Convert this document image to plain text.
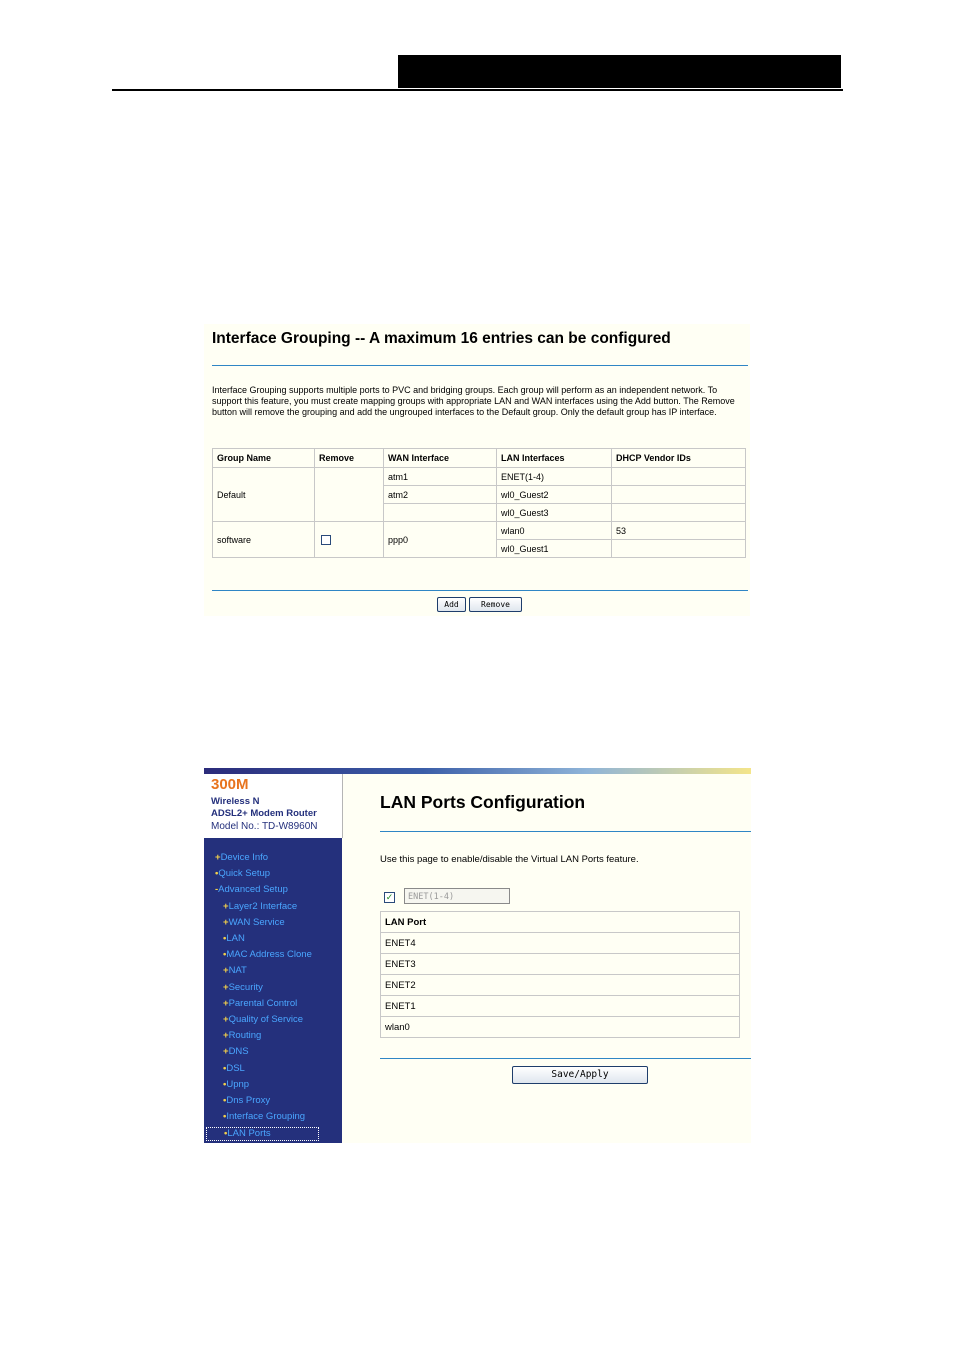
Interface Grouping -- A maximum 16 entries can be configured
Interface Grouping supports multiple ports to PVC and bridging groups. Each group will perform as an independent network. To support this feature, you must create mapping groups with appropriate LAN and WAN interfaces using the Add button. The Remove button will remove the grouping and add the ungrouped interfaces to the Default group. Only the default group has IP interface.
Group Name	Remove	WAN Interface	LAN Interfaces	DHCP Vendor IDs
Default		atm1	ENET(1-4)	
		atm2	wl0_Guest2	
			wl0_Guest3	
software		ppp0	wlan0	53
			wl0_Guest1	
Add	Remove
300M
Wireless N
ADSL2+ Modem Router
Model No.: TD-W8960N
+Device Info
•Quick Setup
-Advanced Setup
+Layer2 Interface
+WAN Service
•LAN
•MAC Address Clone
+NAT
+Security
+Parental Control
+Quality of Service
+Routing
+DNS
•DSL
•Upnp
•Dns Proxy
•Interface Grouping
•LAN Ports
LAN Ports Configuration
Use this page to enable/disable the Virtual LAN Ports feature.
✓	ENET(1-4)
LAN Port
ENET4
ENET3
ENET2
ENET1
wlan0
Save/Apply
